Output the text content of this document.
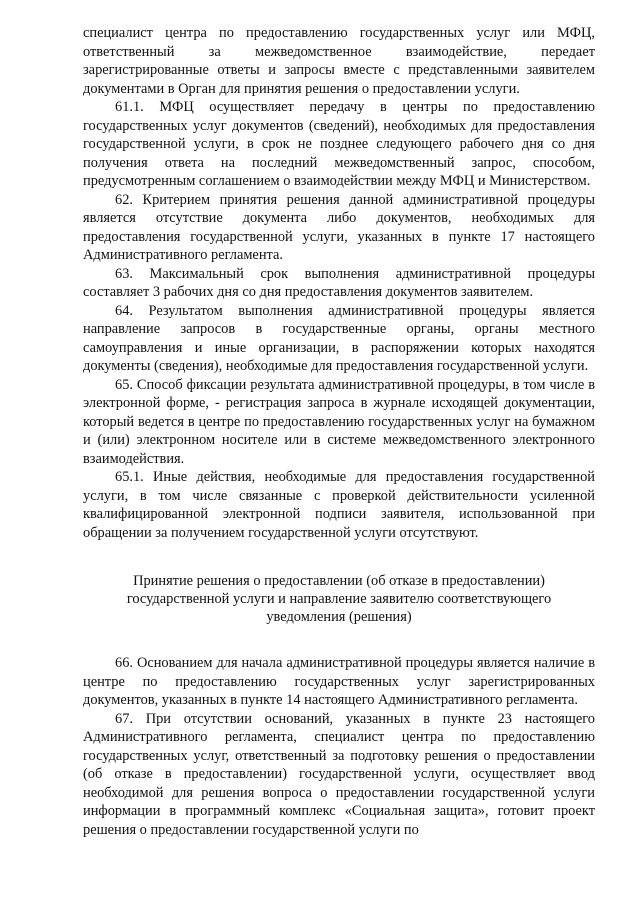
специалист центра по предоставлению государственных услуг или МФЦ, ответственный за межведомственное взаимодействие, передает зарегистрированные ответы и запросы вместе с представленными заявителем документами в Орган для принятия решения о предоставлении услуги.

61.1. МФЦ осуществляет передачу в центры по предоставлению государственных услуг документов (сведений), необходимых для предоставления государственной услуги, в срок не позднее следующего рабочего дня со дня получения ответа на последний межведомственный запрос, способом, предусмотренным соглашением о взаимодействии между МФЦ и Министерством.

62. Критерием принятия решения данной административной процедуры является отсутствие документа либо документов, необходимых для предоставления государственной услуги, указанных в пункте 17 настоящего Административного регламента.

63. Максимальный срок выполнения административной процедуры составляет 3 рабочих дня со дня предоставления документов заявителем.

64. Результатом выполнения административной процедуры является направление запросов в государственные органы, органы местного самоуправления и иные организации, в распоряжении которых находятся документы (сведения), необходимые для предоставления государственной услуги.

65. Способ фиксации результата административной процедуры, в том числе в электронной форме, - регистрация запроса в журнале исходящей документации, который ведется в центре по предоставлению государственных услуг на бумажном и (или) электронном носителе или в системе межведомственного электронного взаимодействия.

65.1. Иные действия, необходимые для предоставления государственной услуги, в том числе связанные с проверкой действительности усиленной квалифицированной электронной подписи заявителя, использованной при обращении за получением государственной услуги отсутствуют.

Принятие решения о предоставлении (об отказе в предоставлении)
государственной услуги и направление заявителю соответствующего
уведомления (решения)

66. Основанием для начала административной процедуры является наличие в центре по предоставлению государственных услуг зарегистрированных документов, указанных в пункте 14 настоящего Административного регламента.

67. При отсутствии оснований, указанных в пункте 23 настоящего Административного регламента, специалист центра по предоставлению государственных услуг, ответственный за подготовку решения о предоставлении (об отказе в предоставлении) государственной услуги, осуществляет ввод необходимой для решения вопроса о предоставлении государственной услуги информации в программный комплекс «Социальная защита», готовит проект решения о предоставлении государственной услуги по
